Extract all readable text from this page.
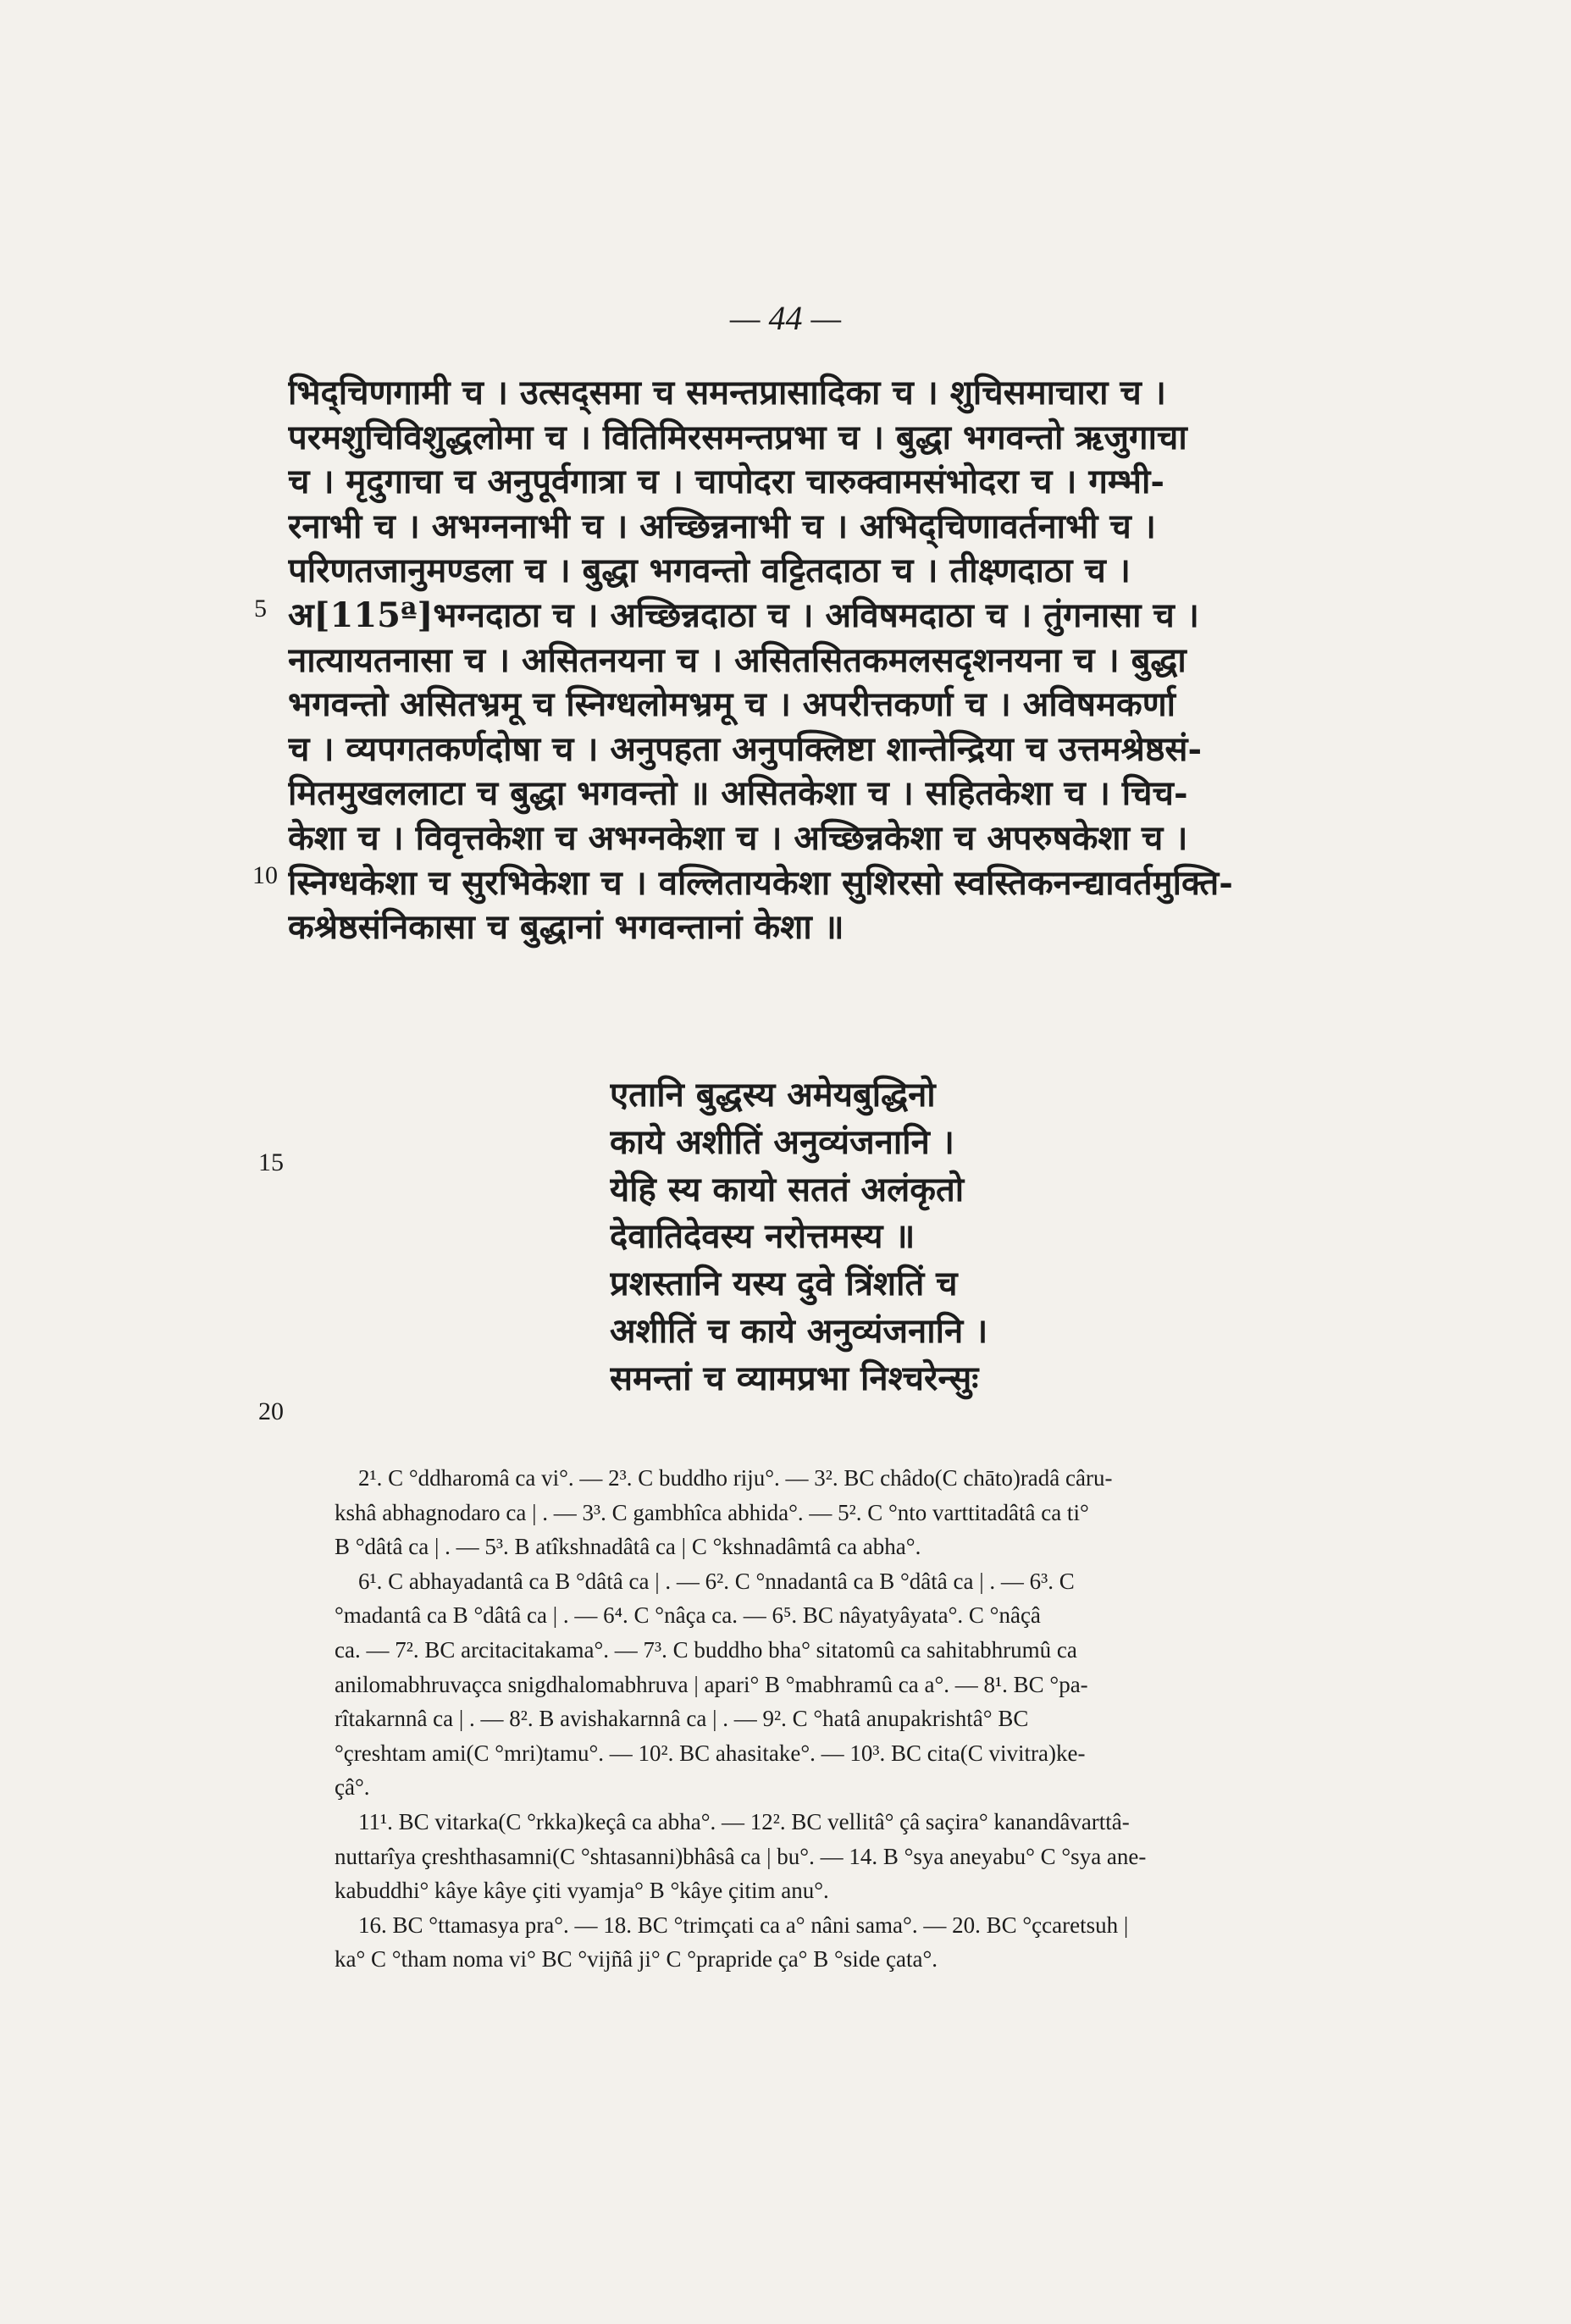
— 44 —
भिद्चिणगामी च । उत्सद्समा च समन्तप्रासादिका च । शुचिसमाचारा च ।
परमशुचिविशुद्धलोमा च । वितिमिरसमन्तप्रभा च । बुद्धा भगवन्तो ऋजुगाचा
च । मृदुगाचा च अनुपूर्वगात्रा च । चापोदरा चारुक्वामसंभोदरा च । गम्भी-
रनाभी च । अभग्ननाभी च । अच्छिन्ननाभी च । अभिद्चिणावर्तनाभी च ।
परिणतजानुमण्डला च । बुद्धा भगवन्तो वट्टितदाठा च । तीक्ष्णदाठा च ।
अ[115ª]भग्नदाठा च । अच्छिन्नदाठा च । अविषमदाठा च । तुंगनासा च ।
नात्यायतनासा च । असितनयना च । असितसितकमलसदृशनयना च । बुद्धा
भगवन्तो असितभ्रमू च स्निग्धलोमभ्रमू च । अपरीत्तकर्णा च । अविषमकर्णा
च । व्यपगतकर्णदोषा च । अनुपहता अनुपक्लिष्टा शान्तेन्द्रिया च उत्तमश्रेष्ठसं-
मितमुखललाटा च बुद्धा भगवन्तो ॥ असितकेशा च । सहितकेशा च । चिच-
केशा च । विवृत्तकेशा च अभग्नकेशा च । अच्छिन्नकेशा च अपरुषकेशा च ।
स्निग्धकेशा च सुरभिकेशा च । वल्लितायकेशा सुशिरसो स्वस्तिकनन्द्यावर्तमुक्ति-
कश्रेष्ठसंनिकासा च बुद्धानां भगवन्तानां केशा ॥
एतानि बुद्धस्य अमेयबुद्धिनो
काये अशीतिं अनुव्यंजनानि ।
येहि स्य कायो सततं अलंकृतो
देवातिदेवस्य नरोत्तमस्य ॥
प्रशस्तानि यस्य दुवे त्रिंशतिं च
अशीतिं च काये अनुव्यंजनानि ।
समन्तां च व्यामप्रभा निश्चरेन्सुः
5
10
15
20
2¹. C °ddharomâ ca vi°. — 2³. C buddho riju°. — 3². BC châdo(C chāto)radâ câru-
kshâ abhagnodaro ca | . — 3³. C gambhîca abhida°. — 5². C °nto varttitadâtâ ca ti°
B °dâtâ ca | . — 5³. B atîkshnadâtâ ca | C °kshnadâmtâ ca abha°.
6¹. C abhayadantâ ca B °dâtâ ca | . — 6². C °nnadantâ ca B °dâtâ ca | . — 6³. C
°madantâ ca B °dâtâ ca | . — 6⁴. C °nâça ca. — 6⁵. BC nâyatyâyata°. C °nâçâ
ca. — 7². BC arcitacitakama°. — 7³. C buddho bha° sitatomû ca sahitabhrumû ca
anilomabhruvaçca snigdhalomabhruva | apari° B °mabhramû ca a°. — 8¹. BC °pa-
rîtakarnnâ ca | . — 8². B avishakarnnâ ca | . — 9². C °hatâ anupakrishtâ° BC
°çreshtam ami(C °mri)tamu°. — 10². BC ahasitake°. — 10³. BC cita(C vivitra)ke-
çâ°.
11¹. BC vitarka(C °rkka)keçâ ca abha°. — 12². BC vellitâ° çâ saçira° kanandâvarttâ-
nuttarîya çreshthasamni(C °shtasanni)bhâsâ ca | bu°. — 14. B °sya aneyabu° C °sya ane-
kabuddhi° kâye kâye çiti vyamja° B °kâye çitim anu°.
16. BC °ttamasya pra°. — 18. BC °trimçati ca a° nâni sama°. — 20. BC °çcaretsuh |
ka° C °tham noma vi° BC °vijñâ ji° C °prapride ça° B °side çata°.
